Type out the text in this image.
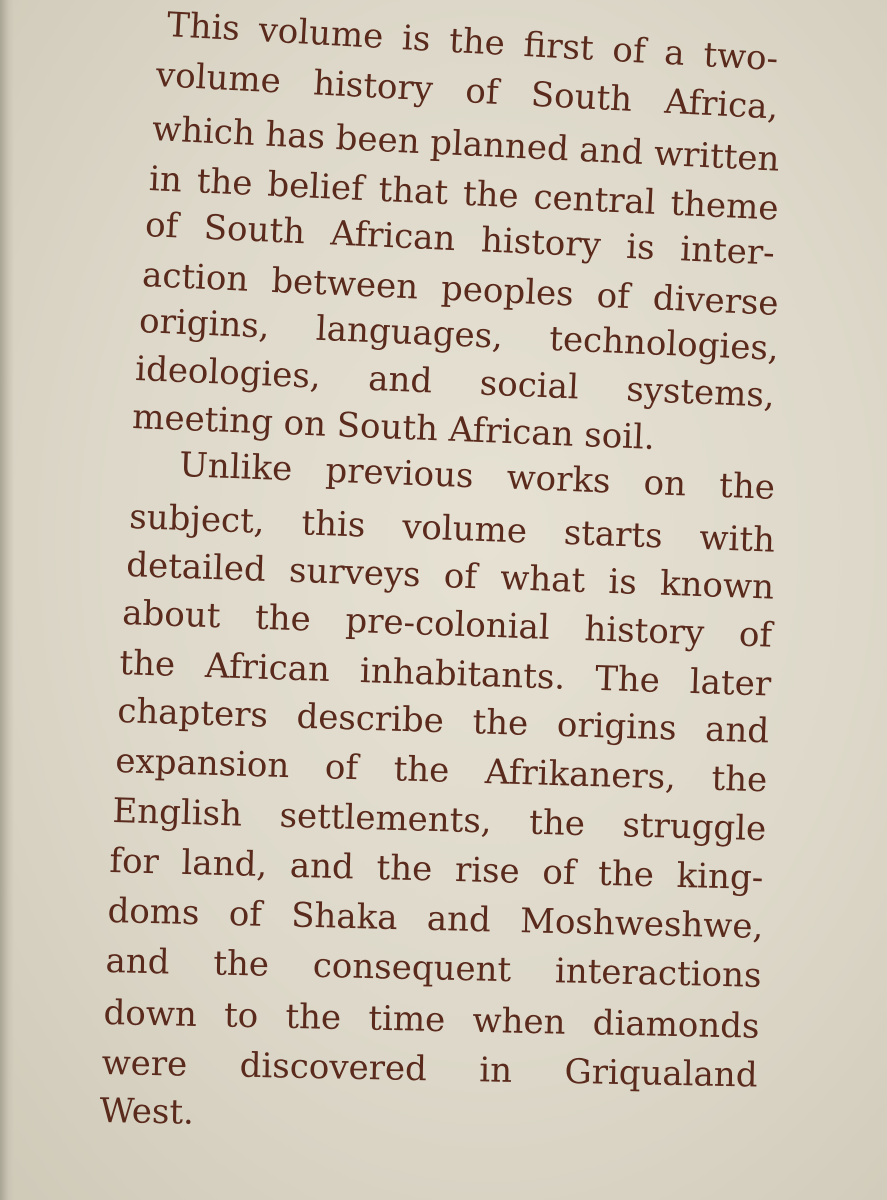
This volume is the first of a two-
volume history of South Africa,
which has been planned and written
in the belief that the central theme
of South African history is inter-
action between peoples of diverse
origins, languages, technologies,
ideologies, and social systems,
meeting on South African soil.
Unlike previous works on the
subject, this volume starts with
detailed surveys of what is known
about the pre-colonial history of
the African inhabitants. The later
chapters describe the origins and
expansion of the Afrikaners, the
English settlements, the struggle
for land, and the rise of the king-
doms of Shaka and Moshweshwe,
and the consequent interactions
down to the time when diamonds
were discovered in Griqualand
West.
